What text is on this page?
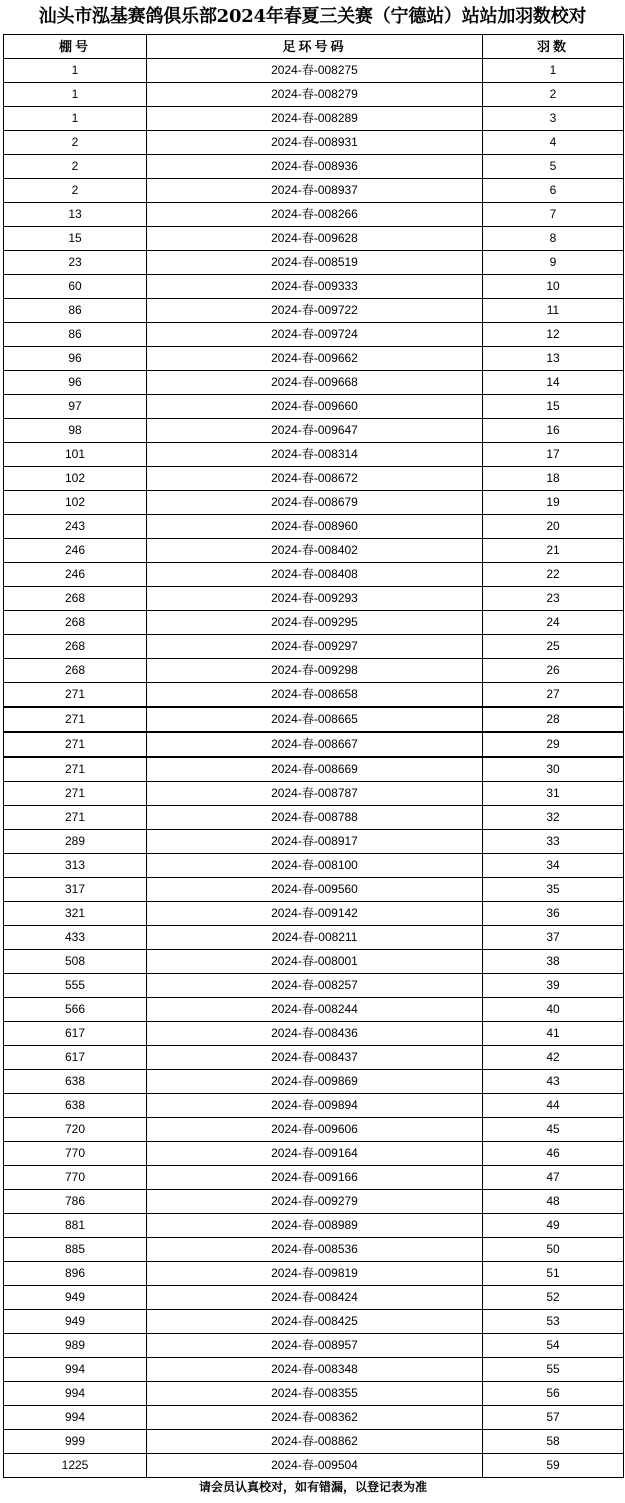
汕头市泓基赛鸽俱乐部2024年春夏三关赛（宁德站）站站加羽数校对
棚号	足环号码	羽数
1	2024-春-008275	1
1	2024-春-008279	2
1	2024-春-008289	3
2	2024-春-008931	4
2	2024-春-008936	5
2	2024-春-008937	6
13	2024-春-008266	7
15	2024-春-009628	8
23	2024-春-008519	9
60	2024-春-009333	10
86	2024-春-009722	11
86	2024-春-009724	12
96	2024-春-009662	13
96	2024-春-009668	14
97	2024-春-009660	15
98	2024-春-009647	16
101	2024-春-008314	17
102	2024-春-008672	18
102	2024-春-008679	19
243	2024-春-008960	20
246	2024-春-008402	21
246	2024-春-008408	22
268	2024-春-009293	23
268	2024-春-009295	24
268	2024-春-009297	25
268	2024-春-009298	26
271	2024-春-008658	27
271	2024-春-008665	28
271	2024-春-008667	29
271	2024-春-008669	30
271	2024-春-008787	31
271	2024-春-008788	32
289	2024-春-008917	33
313	2024-春-008100	34
317	2024-春-009560	35
321	2024-春-009142	36
433	2024-春-008211	37
508	2024-春-008001	38
555	2024-春-008257	39
566	2024-春-008244	40
617	2024-春-008436	41
617	2024-春-008437	42
638	2024-春-009869	43
638	2024-春-009894	44
720	2024-春-009606	45
770	2024-春-009164	46
770	2024-春-009166	47
786	2024-春-009279	48
881	2024-春-008989	49
885	2024-春-008536	50
896	2024-春-009819	51
949	2024-春-008424	52
949	2024-春-008425	53
989	2024-春-008957	54
994	2024-春-008348	55
994	2024-春-008355	56
994	2024-春-008362	57
999	2024-春-008862	58
1225	2024-春-009504	59
请会员认真校对，如有错漏，以登记表为准
